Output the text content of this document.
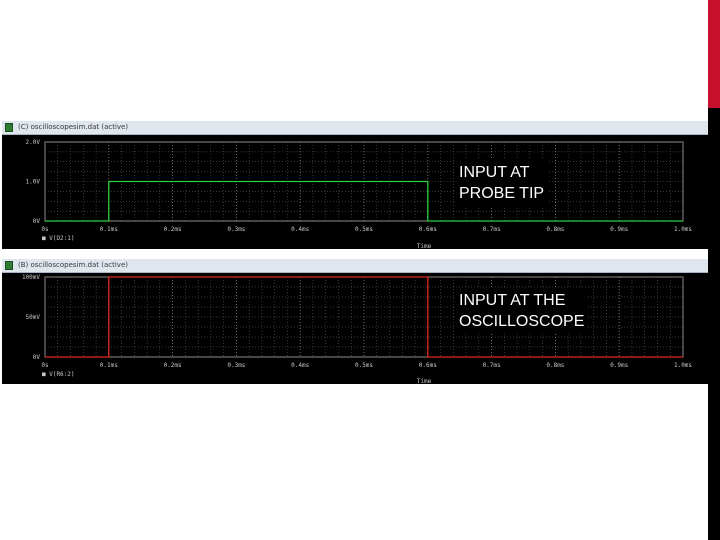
(C) oscilloscopesim.dat (active)
0V
1.0V
2.0V
0s	0.1ms	0.2ms	0.3ms	0.4ms	0.5ms	0.6ms	0.7ms	0.8ms	0.9ms	1.0ms
■ V(D2:1)
Time
(B) oscilloscopesim.dat (active)
0V
50mV
100mV
0s	0.1ms	0.2ms	0.3ms	0.4ms	0.5ms	0.6ms	0.7ms	0.8ms	0.9ms	1.0ms
■ V(R6:2)
Time
INPUT AT
PROBE TIP
INPUT AT THE
OSCILLOSCOPE
